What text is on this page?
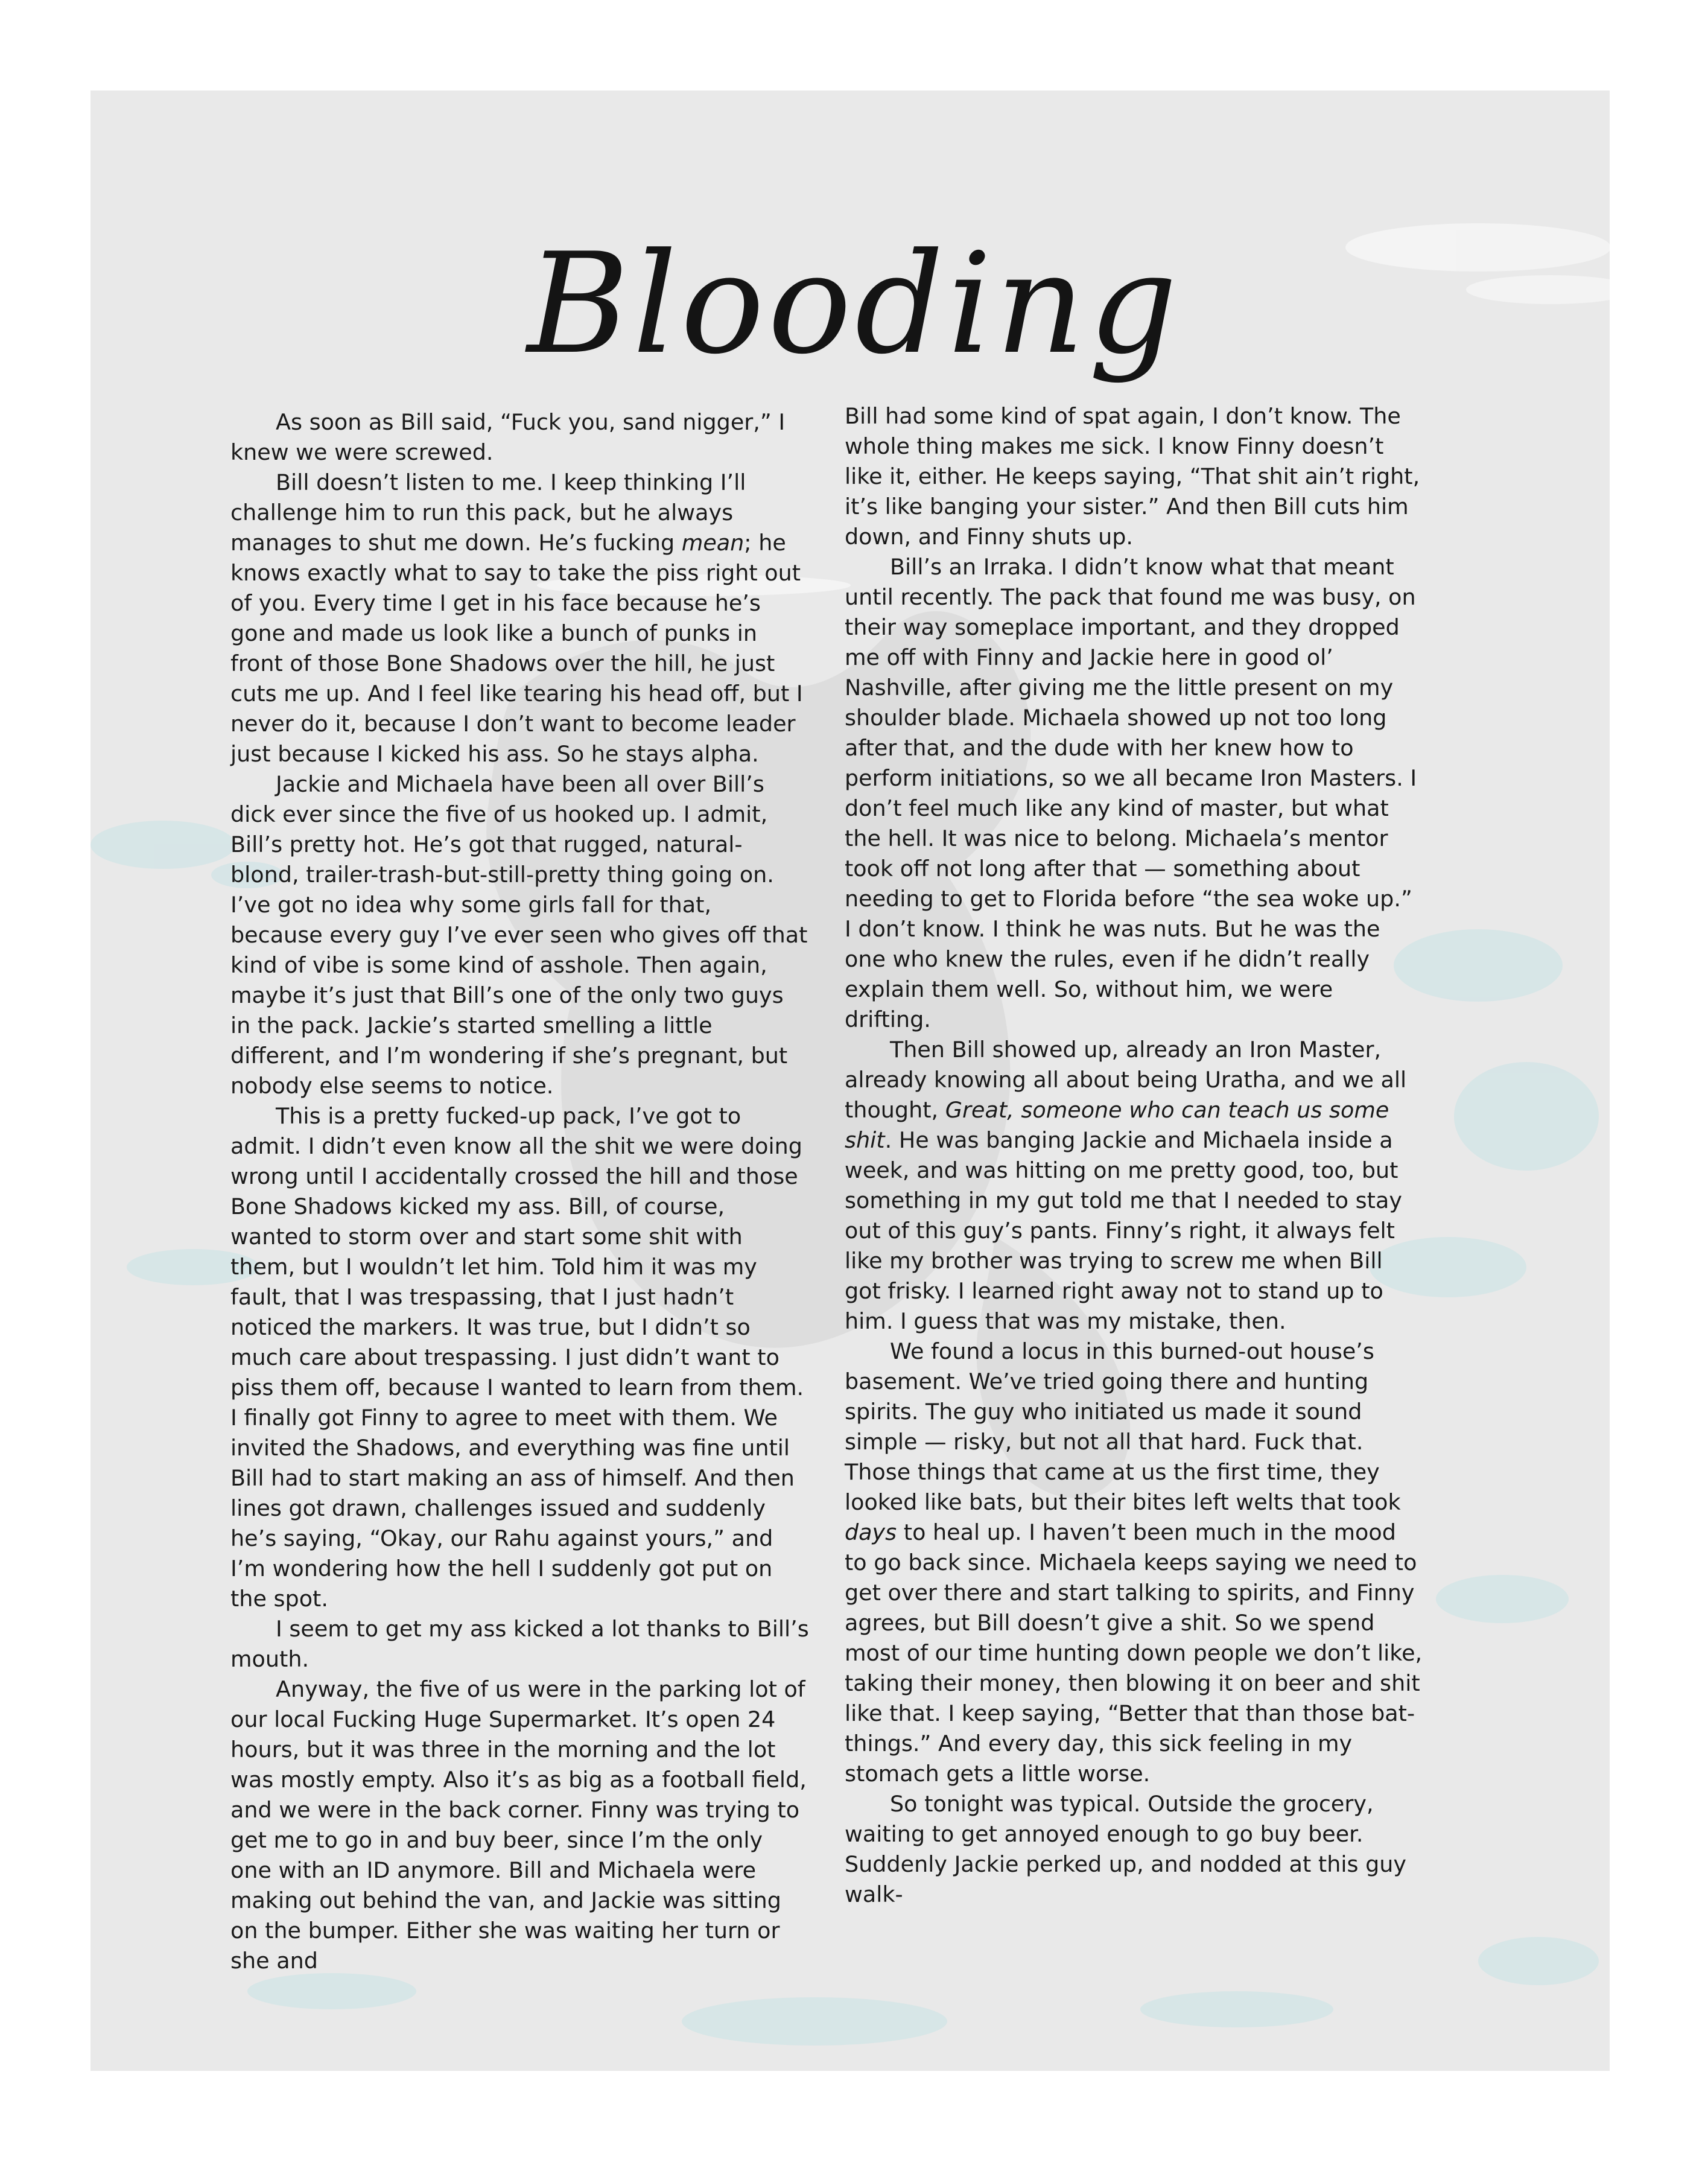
Blooding

As soon as Bill said, “Fuck you, sand nigger,” I knew we were screwed.

Bill doesn’t listen to me. I keep thinking I’ll challenge him to run this pack, but he always manages to shut me down. He’s fucking mean; he knows exactly what to say to take the piss right out of you. Every time I get in his face because he’s gone and made us look like a bunch of punks in front of those Bone Shadows over the hill, he just cuts me up. And I feel like tearing his head off, but I never do it, because I don’t want to become leader just because I kicked his ass. So he stays alpha.

Jackie and Michaela have been all over Bill’s dick ever since the five of us hooked up. I admit, Bill’s pretty hot. He’s got that rugged, natural-blond, trailer-trash-but-still-pretty thing going on. I’ve got no idea why some girls fall for that, because every guy I’ve ever seen who gives off that kind of vibe is some kind of asshole. Then again, maybe it’s just that Bill’s one of the only two guys in the pack. Jackie’s started smelling a little different, and I’m wondering if she’s pregnant, but nobody else seems to notice.

This is a pretty fucked-up pack, I’ve got to admit. I didn’t even know all the shit we were doing wrong until I accidentally crossed the hill and those Bone Shadows kicked my ass. Bill, of course, wanted to storm over and start some shit with them, but I wouldn’t let him. Told him it was my fault, that I was trespassing, that I just hadn’t noticed the markers. It was true, but I didn’t so much care about trespassing. I just didn’t want to piss them off, because I wanted to learn from them. I finally got Finny to agree to meet with them. We invited the Shadows, and everything was fine until Bill had to start making an ass of himself. And then lines got drawn, challenges issued and suddenly he’s saying, “Okay, our Rahu against yours,” and I’m wondering how the hell I suddenly got put on the spot.

I seem to get my ass kicked a lot thanks to Bill’s mouth.

Anyway, the five of us were in the parking lot of our local Fucking Huge Supermarket. It’s open 24 hours, but it was three in the morning and the lot was mostly empty. Also it’s as big as a football field, and we were in the back corner. Finny was trying to get me to go in and buy beer, since I’m the only one with an ID anymore. Bill and Michaela were making out behind the van, and Jackie was sitting on the bumper. Either she was waiting her turn or she and

Bill had some kind of spat again, I don’t know. The whole thing makes me sick. I know Finny doesn’t like it, either. He keeps saying, “That shit ain’t right, it’s like banging your sister.” And then Bill cuts him down, and Finny shuts up.

Bill’s an Irraka. I didn’t know what that meant until recently. The pack that found me was busy, on their way someplace important, and they dropped me off with Finny and Jackie here in good ol’ Nashville, after giving me the little present on my shoulder blade. Michaela showed up not too long after that, and the dude with her knew how to perform initiations, so we all became Iron Masters. I don’t feel much like any kind of master, but what the hell. It was nice to belong. Michaela’s mentor took off not long after that — something about needing to get to Florida before “the sea woke up.” I don’t know. I think he was nuts. But he was the one who knew the rules, even if he didn’t really explain them well. So, without him, we were drifting.

Then Bill showed up, already an Iron Master, already knowing all about being Uratha, and we all thought, Great, someone who can teach us some shit. He was banging Jackie and Michaela inside a week, and was hitting on me pretty good, too, but something in my gut told me that I needed to stay out of this guy’s pants. Finny’s right, it always felt like my brother was trying to screw me when Bill got frisky. I learned right away not to stand up to him. I guess that was my mistake, then.

We found a locus in this burned-out house’s basement. We’ve tried going there and hunting spirits. The guy who initiated us made it sound simple — risky, but not all that hard. Fuck that. Those things that came at us the first time, they looked like bats, but their bites left welts that took days to heal up. I haven’t been much in the mood to go back since. Michaela keeps saying we need to get over there and start talking to spirits, and Finny agrees, but Bill doesn’t give a shit. So we spend most of our time hunting down people we don’t like, taking their money, then blowing it on beer and shit like that. I keep saying, “Better that than those bat-things.” And every day, this sick feeling in my stomach gets a little worse.

So tonight was typical. Outside the grocery, waiting to get annoyed enough to go buy beer. Suddenly Jackie perked up, and nodded at this guy walk-
